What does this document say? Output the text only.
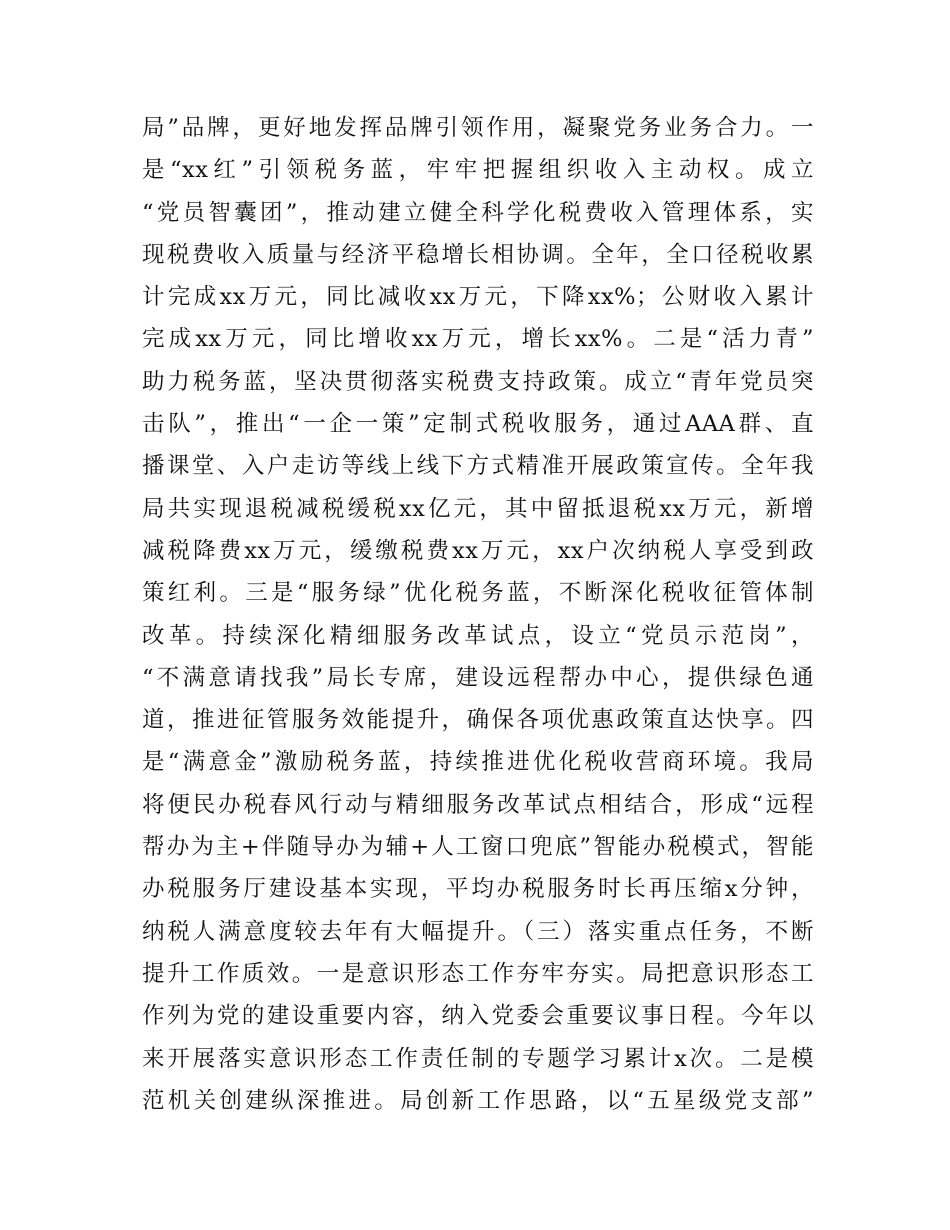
局”品牌，更好地发挥品牌引领作用，凝聚党务业务合力。一
是“xx红”引领税务蓝，牢牢把握组织收入主动权。成立
“党员智囊团”，推动建立健全科学化税费收入管理体系，实
现税费收入质量与经济平稳增长相协调。全年，全口径税收累
计完成xx万元，同比减收xx万元，下降xx%；公财收入累计
完成xx万元，同比增收xx万元，增长xx%。二是“活力青”
助力税务蓝，坚决贯彻落实税费支持政策。成立“青年党员突
击队”，推出“一企一策”定制式税收服务，通过AAA群、直
播课堂、入户走访等线上线下方式精准开展政策宣传。全年我
局共实现退税减税缓税xx亿元，其中留抵退税xx万元，新增
减税降费xx万元，缓缴税费xx万元，xx户次纳税人享受到政
策红利。三是“服务绿”优化税务蓝，不断深化税收征管体制
改革。持续深化精细服务改革试点，设立“党员示范岗”，
“不满意请找我”局长专席，建设远程帮办中心，提供绿色通
道，推进征管服务效能提升，确保各项优惠政策直达快享。四
是“满意金”激励税务蓝，持续推进优化税收营商环境。我局
将便民办税春风行动与精细服务改革试点相结合，形成“远程
帮办为主+伴随导办为辅+人工窗口兜底”智能办税模式，智能
办税服务厅建设基本实现，平均办税服务时长再压缩x分钟，
纳税人满意度较去年有大幅提升。（三）落实重点任务，不断
提升工作质效。一是意识形态工作夯牢夯实。局把意识形态工
作列为党的建设重要内容，纳入党委会重要议事日程。今年以
来开展落实意识形态工作责任制的专题学习累计x次。二是模
范机关创建纵深推进。局创新工作思路，以“五星级党支部”
